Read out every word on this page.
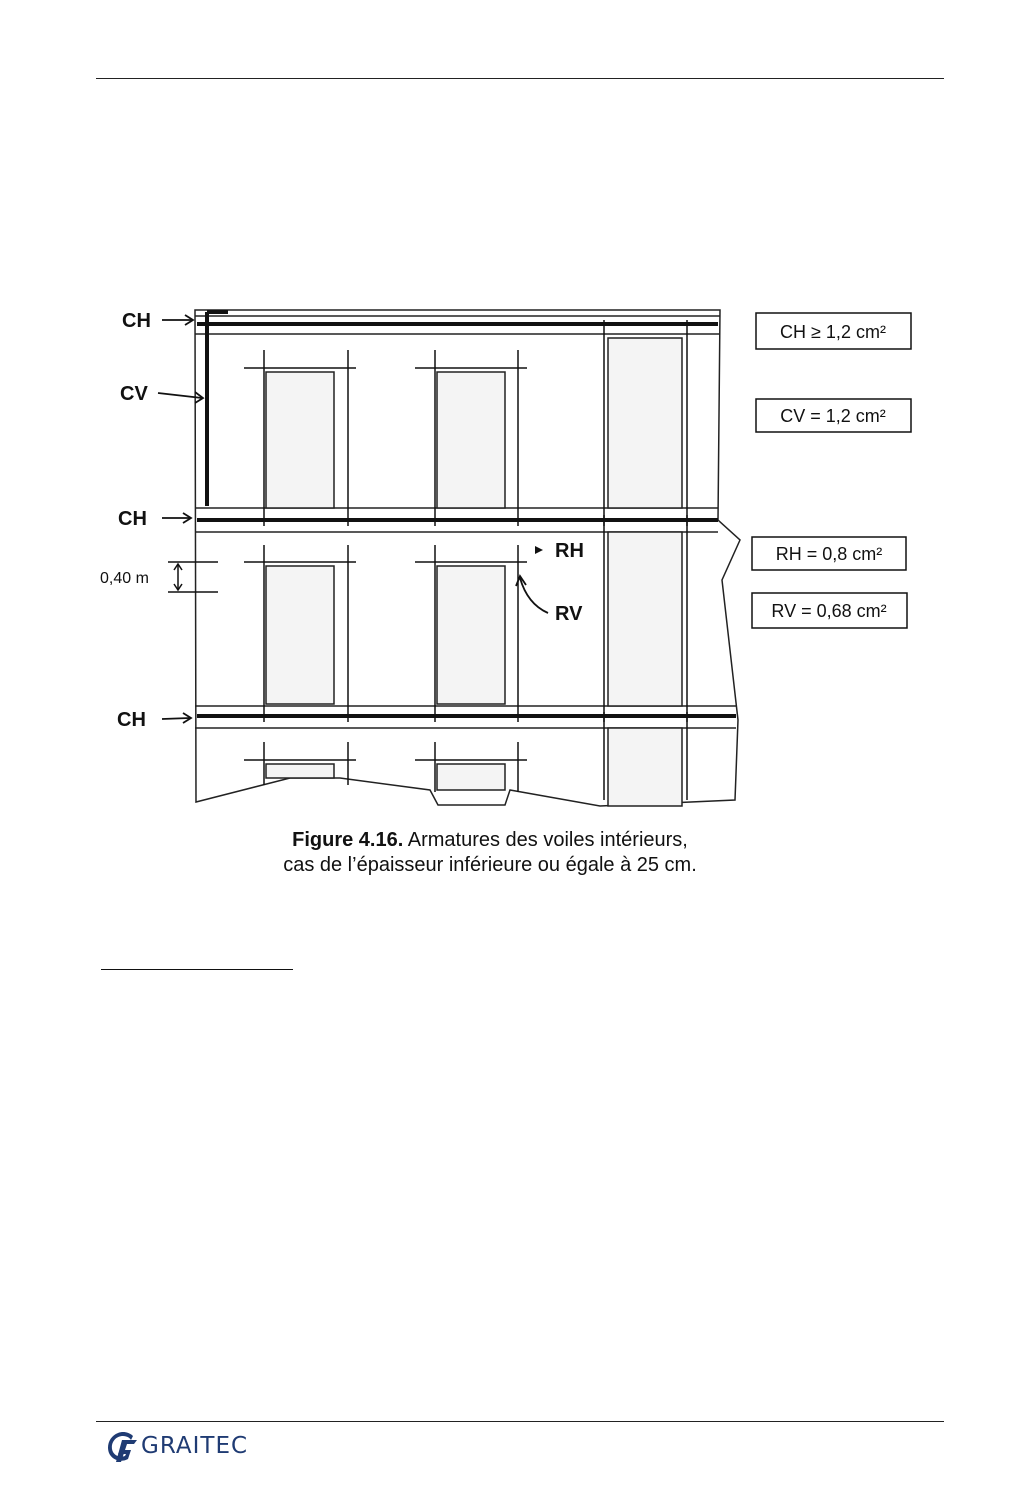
CH
CV
CH
0,40 m
RH
RV
CH
CH ≥ 1,2 cm²
CV = 1,2 cm²
RH = 0,8 cm²
RV = 0,68 cm²
Figure 4.16. Armatures des voiles intérieurs,
cas de l’épaisseur inférieure ou égale à 25 cm.
GRAITEC
